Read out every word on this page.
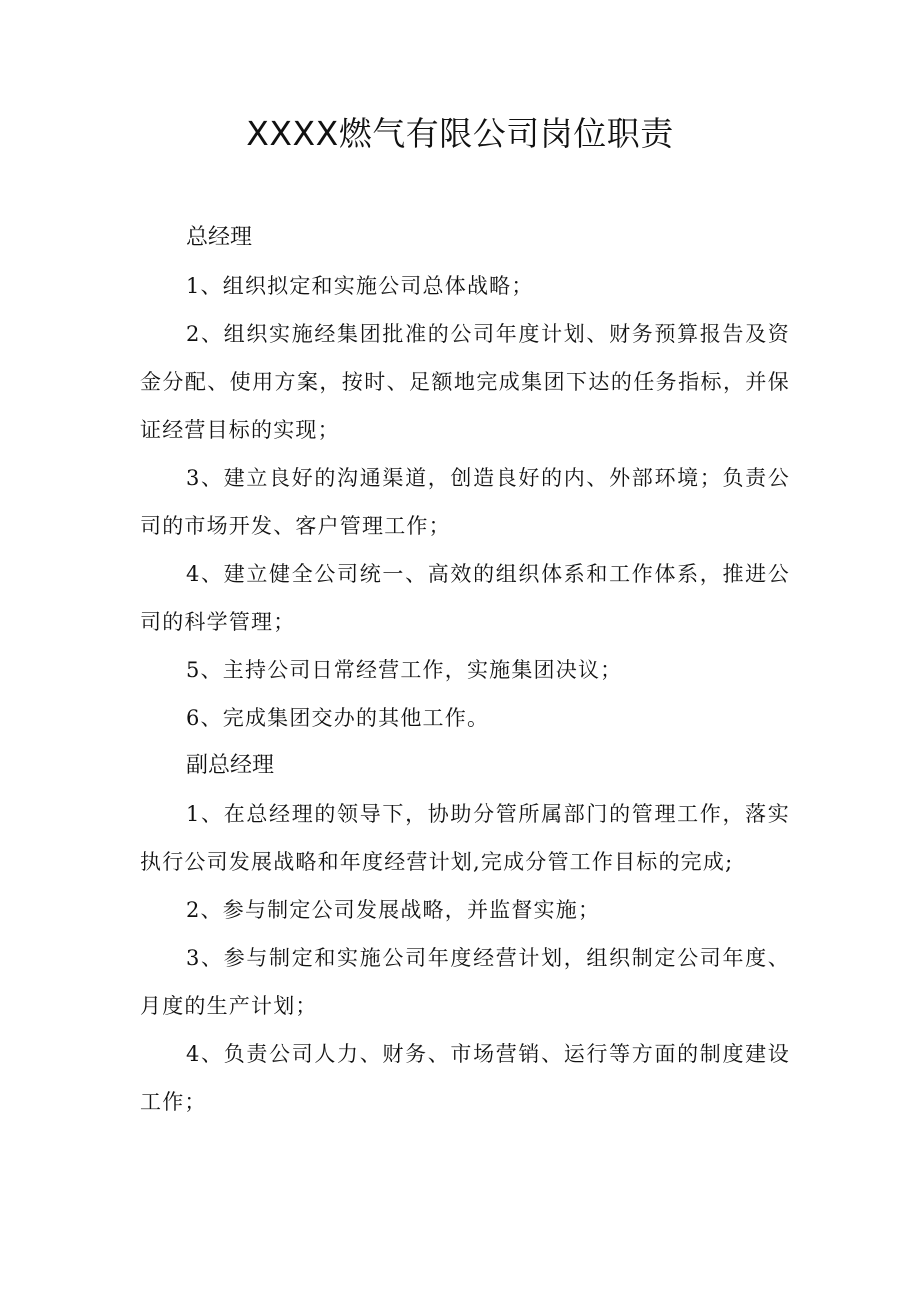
XXXX燃气有限公司岗位职责
总经理

1、组织拟定和实施公司总体战略；

2、组织实施经集团批准的公司年度计划、财务预算报告及资金分配、使用方案，按时、足额地完成集团下达的任务指标，并保证经营目标的实现；

3、建立良好的沟通渠道，创造良好的内、外部环境；负责公司的市场开发、客户管理工作；

4、建立健全公司统一、高效的组织体系和工作体系，推进公司的科学管理；

5、主持公司日常经营工作，实施集团决议；

6、完成集团交办的其他工作。

副总经理

1、在总经理的领导下，协助分管所属部门的管理工作，落实执行公司发展战略和年度经营计划,完成分管工作目标的完成;

2、参与制定公司发展战略，并监督实施；

3、参与制定和实施公司年度经营计划，组织制定公司年度、月度的生产计划；

4、负责公司人力、财务、市场营销、运行等方面的制度建设工作；
